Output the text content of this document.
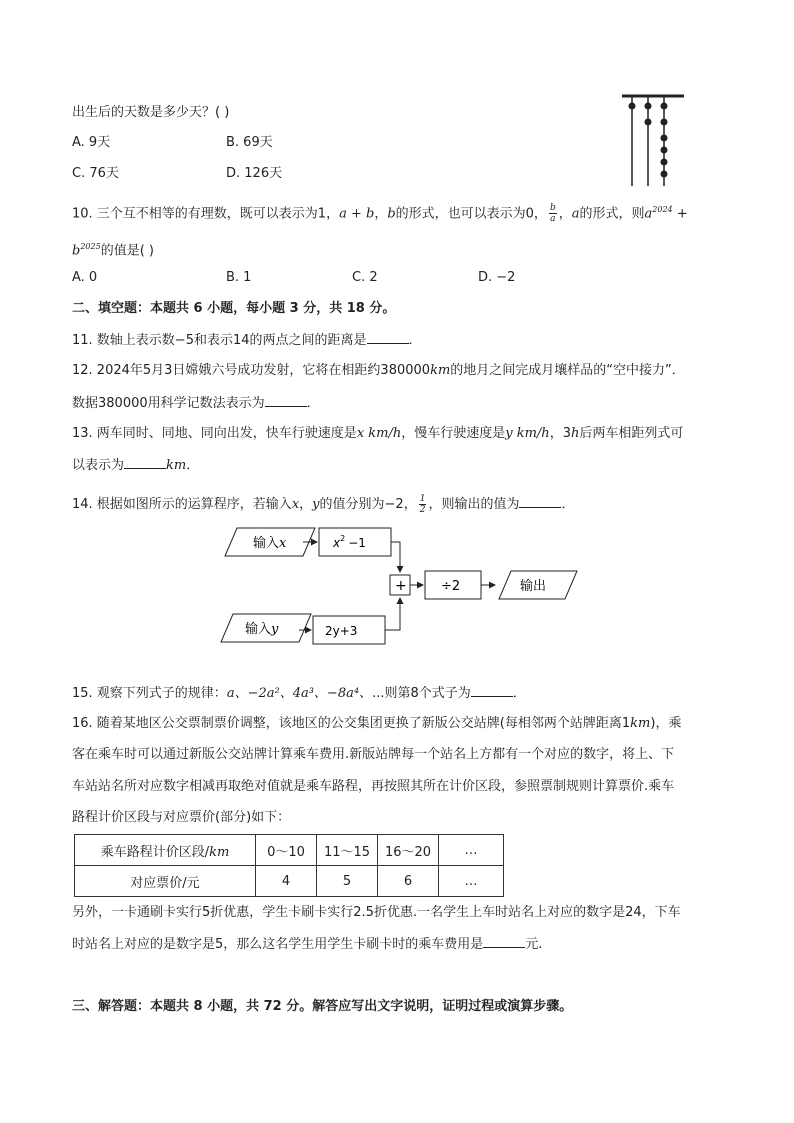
出生后的天数是多少天？( )
A. 9天	B. 69天
C. 76天	D. 126天
10. 三个互不相等的有理数，既可以表示为1，a + b，b的形式，也可以表示为0， $\frac{b}{a}$ ，a的形式，则$a^{2024}$ +
$b^{2025}$的值是( )
A. 0	B. 1	C. 2	D. −2
二、填空题：本题共 6 小题，每小题 3 分，共 18 分。
11. 数轴上表示数−5和表示14的两点之间的距离是	．
12. 2024年5月3日嫦娥六号成功发射，它将在相距约380000km的地月之间完成月壤样品的“空中接力”．
数据380000用科学记数法表示为	．
13. 两车同时、同地、同向出发，快车行驶速度是x km/h，慢车行驶速度是y km/h，3h后两车相距列式可
以表示为	km．
14. 根据如图所示的运算程序，若输入x，y的值分别为−2， $\frac{1}{2}$ ，则输出的值为	．
输入x	$x^2 -1$
+	÷2	输出
输入y	2y+3
15. 观察下列式子的规律：a、−2a²、4a³、−8a⁴、...则第8个式子为	．
16. 随着某地区公交票制票价调整，该地区的公交集团更换了新版公交站牌(每相邻两个站牌距离1km)，乘
客在乘车时可以通过新版公交站牌计算乘车费用.新版站牌每一个站名上方都有一个对应的数字，将上、下
车站站名所对应数字相减再取绝对值就是乘车路程，再按照其所在计价区段，参照票制规则计算票价.乘车
路程计价区段与对应票价(部分)如下：
乘车路程计价区段/km	0～10	11～15	16～20	…
对应票价/元	4	5	6	…
另外，一卡通刷卡实行5折优惠，学生卡刷卡实行2.5折优惠.一名学生上车时站名上对应的数字是24，下车
时站名上对应的是数字是5，那么这名学生用学生卡刷卡时的乘车费用是	元.
三、解答题：本题共 8 小题，共 72 分。解答应写出文字说明，证明过程或演算步骤。
